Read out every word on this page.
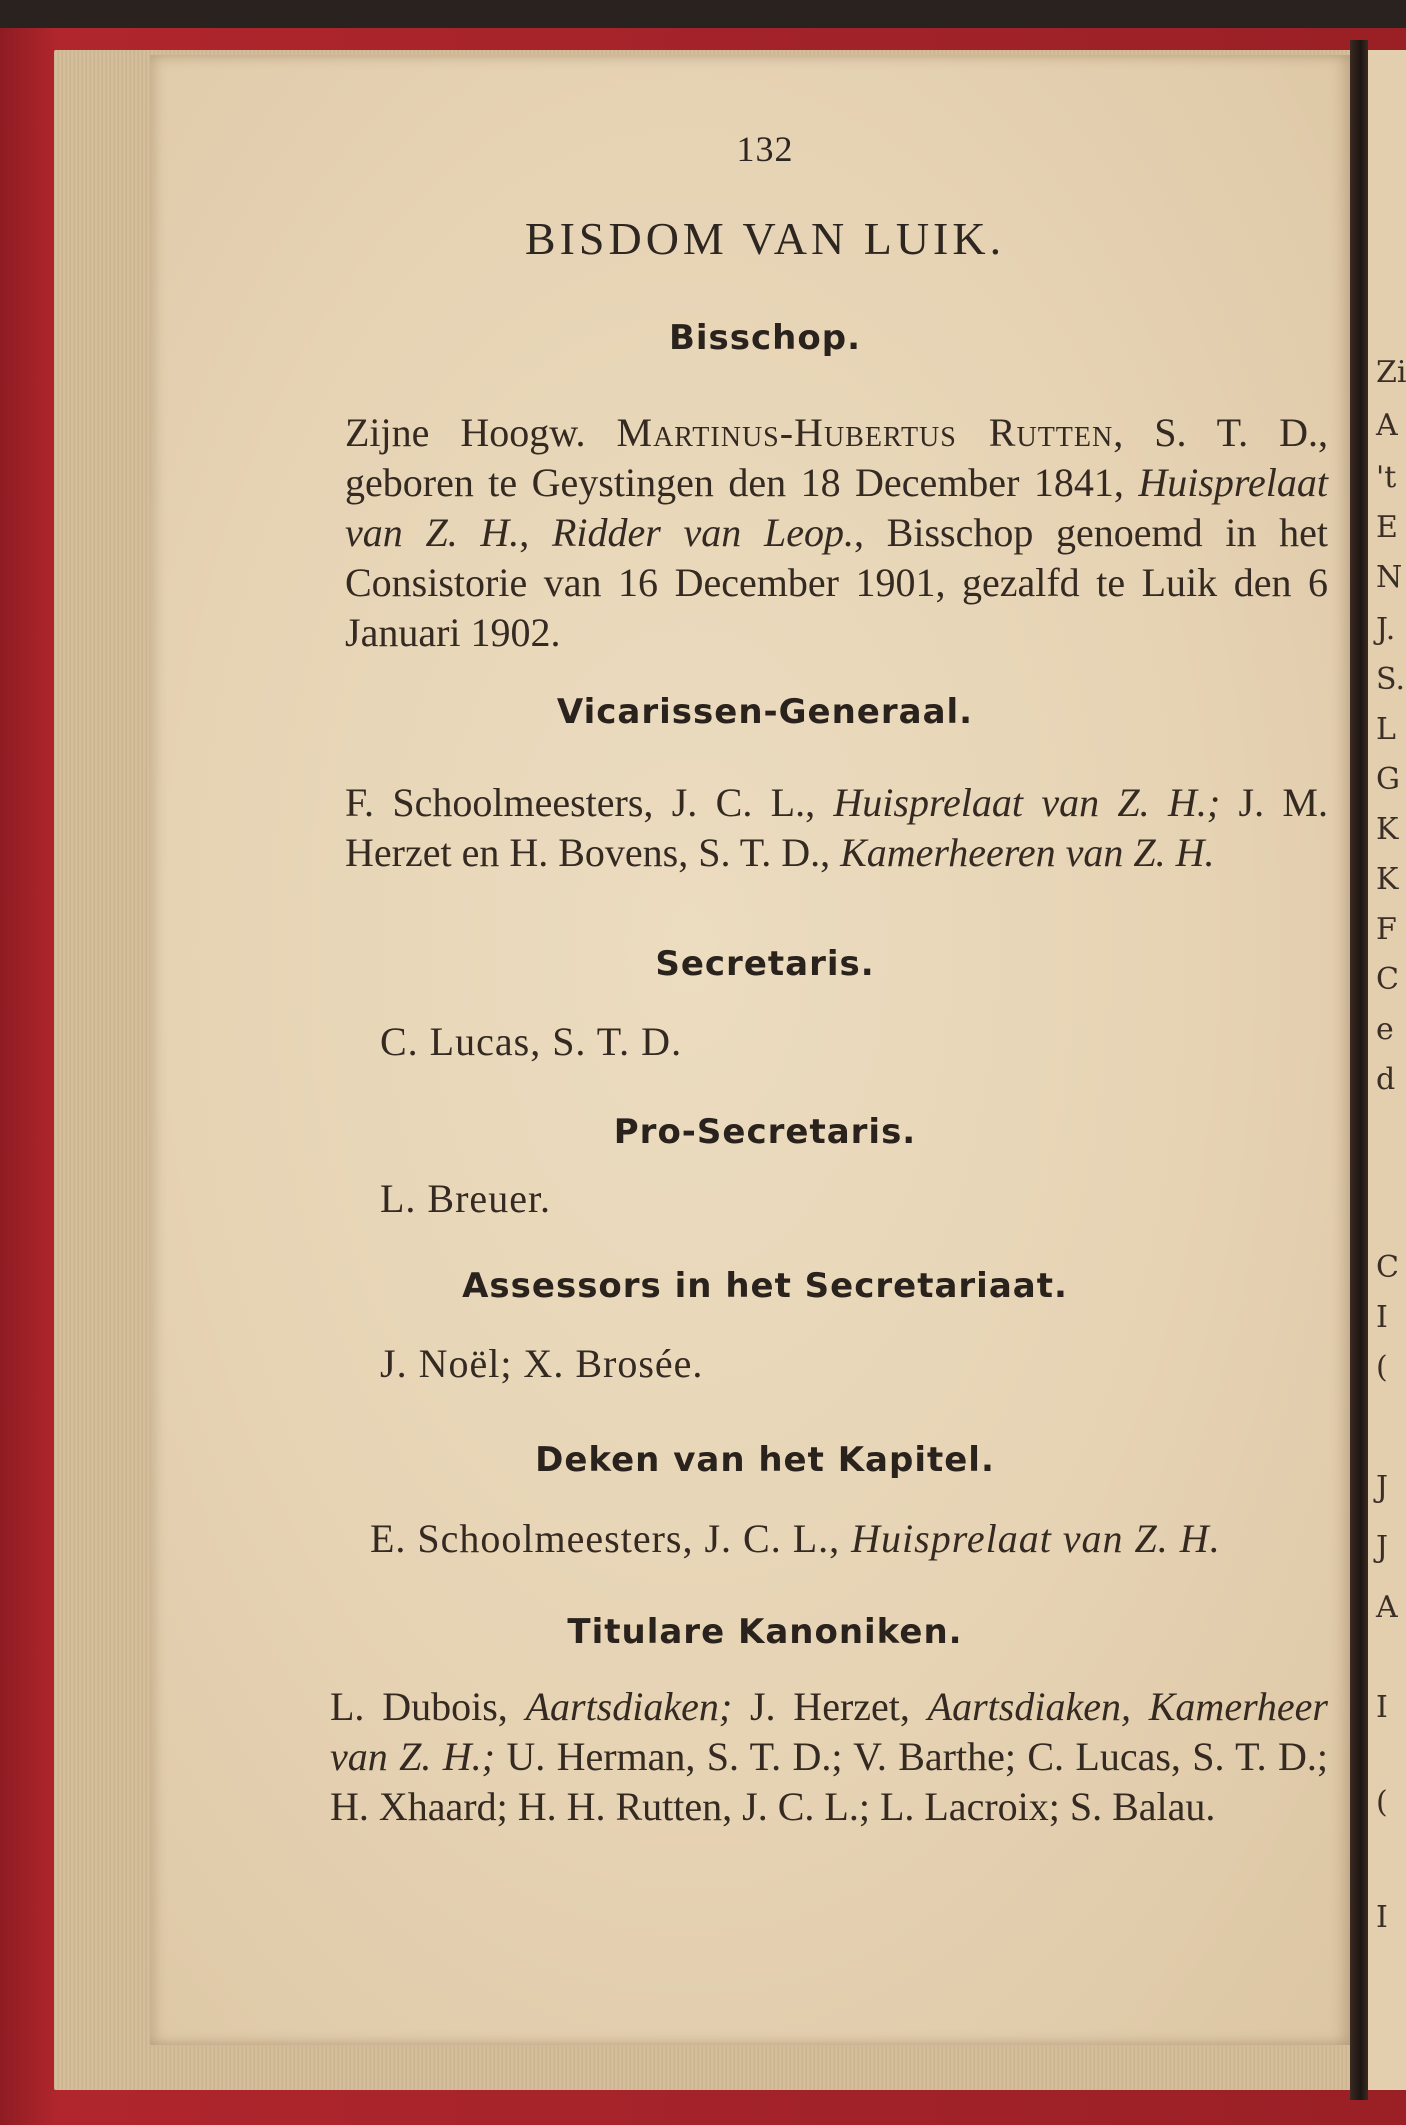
Zi
A
't
E
N
J.
S.
L
G
K
K
F
C
e
d
C
I
(
J
J
A
I
(
I
132
BISDOM VAN LUIK.
Bisschop.
Zijne Hoogw. Martinus-Hubertus Rutten, S. T. D., geboren te Geystingen den 18 December 1841, Huisprelaat van Z. H., Ridder van Leop., Bisschop genoemd in het Consistorie van 16 December 1901, gezalfd te Luik den 6 Januari 1902.
Vicarissen-Generaal.
F. Schoolmeesters, J. C. L., Huisprelaat van Z. H.; J. M. Herzet en H. Bovens, S. T. D., Kamerheeren van Z. H.
Secretaris.
C. Lucas, S. T. D.
Pro-Secretaris.
L. Breuer.
Assessors in het Secretariaat.
J. Noël; X. Brosée.
Deken van het Kapitel.
E. Schoolmeesters, J. C. L., Huisprelaat van Z. H.
Titulare Kanoniken.
L. Dubois, Aartsdiaken; J. Herzet, Aartsdiaken, Kamerheer van Z. H.; U. Herman, S. T. D.; V. Barthe; C. Lucas, S. T. D.; H. Xhaard; H. H. Rutten, J. C. L.; L. Lacroix; S. Balau.
